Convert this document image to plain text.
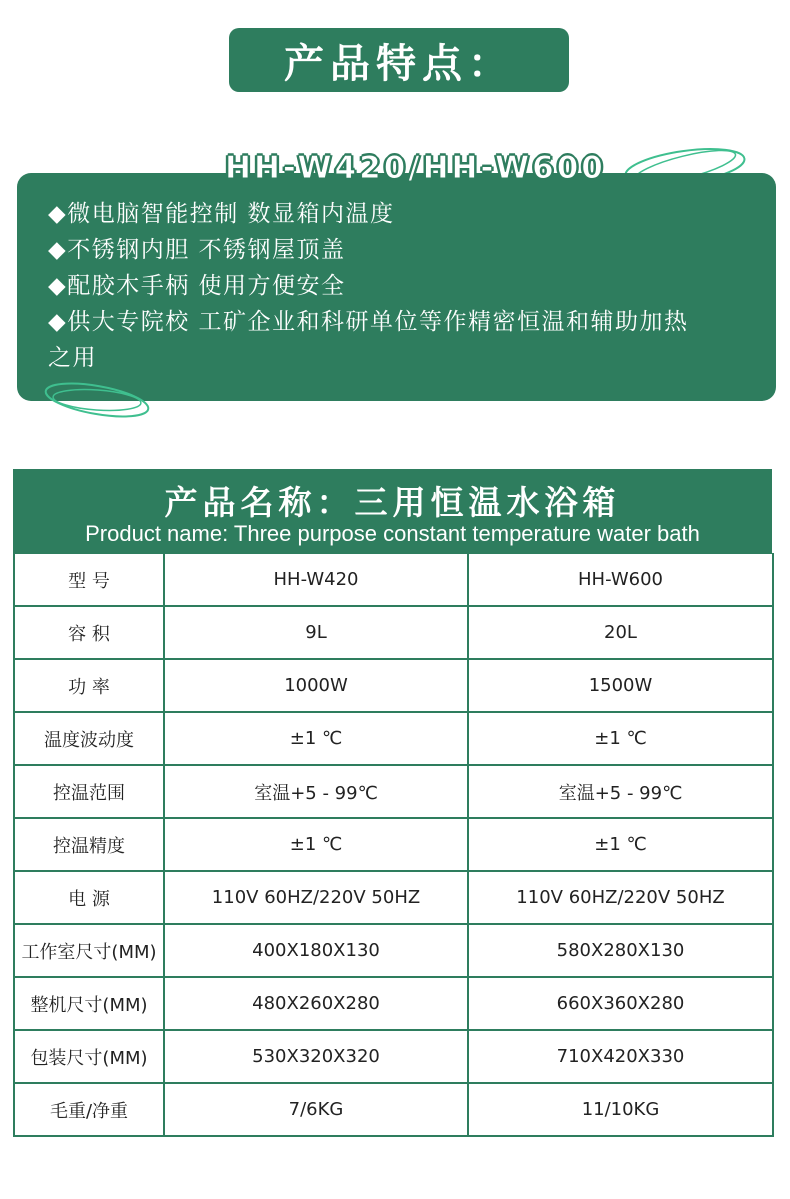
产品特点：
HH-W420/HH-W600
◆微电脑智能控制 数显箱内温度
◆不锈钢内胆 不锈钢屋顶盖
◆配胶木手柄 使用方便安全
◆供大专院校 工矿企业和科研单位等作精密恒温和辅助加热之用
产品名称：三用恒温水浴箱
Product name: Three purpose constant temperature water bath
型 号	HH-W420	HH-W600
容 积	9L	20L
功 率	1000W	1500W
温度波动度	±1 ℃	±1 ℃
控温范围	室温+5 - 99℃	室温+5 - 99℃
控温精度	±1 ℃	±1 ℃
电 源	110V 60HZ/220V 50HZ	110V 60HZ/220V 50HZ
工作室尺寸(MM)	400X180X130	580X280X130
整机尺寸(MM)	480X260X280	660X360X280
包装尺寸(MM)	530X320X320	710X420X330
毛重/净重	7/6KG	11/10KG
